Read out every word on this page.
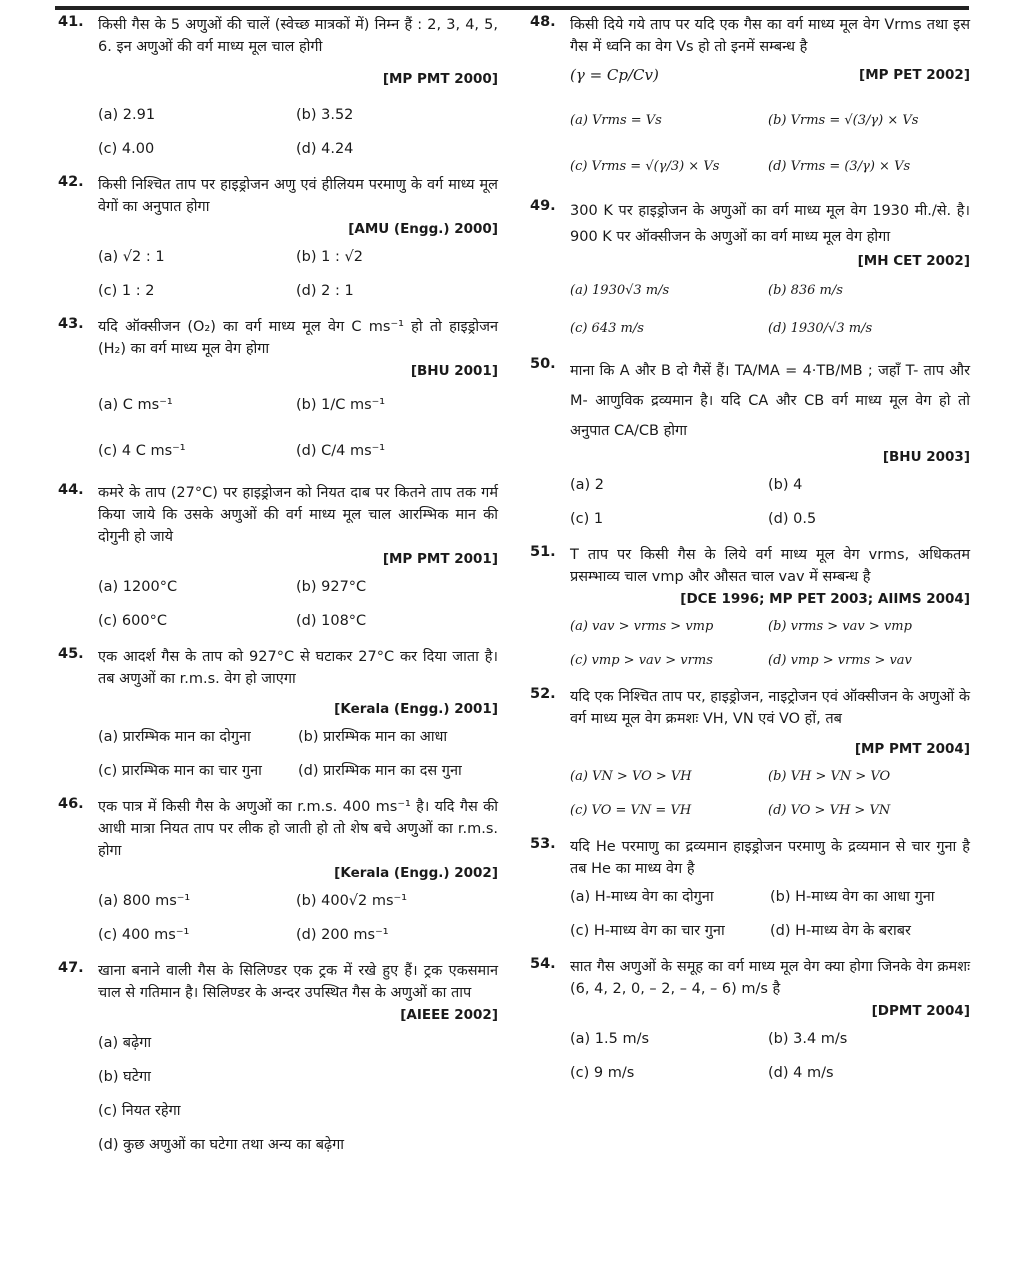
41. किसी गैस के 5 अणुओं की चालें (स्वेच्छ मात्रकों में) निम्न हैं : 2, 3, 4, 5, 6. इन अणुओं की वर्ग माध्य मूल चाल होगी
[MP PMT 2000]
(a) 2.91	(b) 3.52
(c) 4.00	(d) 4.24
42. किसी निश्चित ताप पर हाइड्रोजन अणु एवं हीलियम परमाणु के वर्ग माध्य मूल वेगों का अनुपात होगा
[AMU (Engg.) 2000]
(a) √2 : 1	(b) 1 : √2
(c) 1 : 2	(d) 2 : 1
43. यदि ऑक्सीजन (O₂) का वर्ग माध्य मूल वेग C ms⁻¹ हो तो हाइड्रोजन (H₂) का वर्ग माध्य मूल वेग होगा
[BHU 2001]
(a) C ms⁻¹	(b) 1/C ms⁻¹
(c) 4 C ms⁻¹	(d) C/4 ms⁻¹
44. कमरे के ताप (27°C) पर हाइड्रोजन को नियत दाब पर कितने ताप तक गर्म किया जाये कि उसके अणुओं की वर्ग माध्य मूल चाल आरम्भिक मान की दोगुनी हो जाये
[MP PMT 2001]
(a) 1200°C	(b) 927°C
(c) 600°C	(d) 108°C
45. एक आदर्श गैस के ताप को 927°C से घटाकर 27°C कर दिया जाता है। तब अणुओं का r.m.s. वेग हो जाएगा
[Kerala (Engg.) 2001]
(a) प्रारम्भिक मान का दोगुना	(b) प्रारम्भिक मान का आधा
(c) प्रारम्भिक मान का चार गुना	(d) प्रारम्भिक मान का दस गुना
46. एक पात्र में किसी गैस के अणुओं का r.m.s. 400 ms⁻¹ है। यदि गैस की आधी मात्रा नियत ताप पर लीक हो जाती हो तो शेष बचे अणुओं का r.m.s. होगा
[Kerala (Engg.) 2002]
(a) 800 ms⁻¹	(b) 400√2 ms⁻¹
(c) 400 ms⁻¹	(d) 200 ms⁻¹
47. खाना बनाने वाली गैस के सिलिण्डर एक ट्रक में रखे हुए हैं। ट्रक एकसमान चाल से गतिमान है। सिलिण्डर के अन्दर उपस्थित गैस के अणुओं का ताप
[AIEEE 2002]
(a) बढ़ेगा
(b) घटेगा
(c) नियत रहेगा
(d) कुछ अणुओं का घटेगा तथा अन्य का बढ़ेगा
48. किसी दिये गये ताप पर यदि एक गैस का वर्ग माध्य मूल वेग Vrms तथा इस गैस में ध्वनि का वेग Vs हो तो इनमें सम्बन्ध है
(γ = Cp/Cv)	[MP PET 2002]
(a) Vrms = Vs	(b) Vrms = √(3/γ) × Vs
(c) Vrms = √(γ/3) × Vs	(d) Vrms = (3/γ) × Vs
49. 300 K पर हाइड्रोजन के अणुओं का वर्ग माध्य मूल वेग 1930 मी./से. है। 900 K पर ऑक्सीजन के अणुओं का वर्ग माध्य मूल वेग होगा
[MH CET 2002]
(a) 1930√3 m/s	(b) 836 m/s
(c) 643 m/s	(d) 1930/√3 m/s
50. माना कि A और B दो गैसें हैं। TA/MA = 4·TB/MB ; जहाँ T- ताप और M- आणुविक द्रव्यमान है। यदि CA और CB वर्ग माध्य मूल वेग हो तो अनुपात CA/CB होगा
[BHU 2003]
(a) 2	(b) 4
(c) 1	(d) 0.5
51. T ताप पर किसी गैस के लिये वर्ग माध्य मूल वेग vrms, अधिकतम प्रसम्भाव्य चाल vmp और औसत चाल vav में सम्बन्ध है
[DCE 1996; MP PET 2003; AIIMS 2004]
(a) vav > vrms > vmp	(b) vrms > vav > vmp
(c) vmp > vav > vrms	(d) vmp > vrms > vav
52. यदि एक निश्चित ताप पर, हाइड्रोजन, नाइट्रोजन एवं ऑक्सीजन के अणुओं के वर्ग माध्य मूल वेग क्रमशः VH, VN एवं VO हों, तब
[MP PMT 2004]
(a) VN > VO > VH	(b) VH > VN > VO
(c) VO = VN = VH	(d) VO > VH > VN
53. यदि He परमाणु का द्रव्यमान हाइड्रोजन परमाणु के द्रव्यमान से चार गुना है तब He का माध्य वेग है
(a) H-माध्य वेग का दोगुना	(b) H-माध्य वेग का आधा गुना
(c) H-माध्य वेग का चार गुना	(d) H-माध्य वेग के बराबर
54. सात गैस अणुओं के समूह का वर्ग माध्य मूल वेग क्या होगा जिनके वेग क्रमशः (6, 4, 2, 0, – 2, – 4, – 6) m/s है
[DPMT 2004]
(a) 1.5 m/s	(b) 3.4 m/s
(c) 9 m/s	(d) 4 m/s
